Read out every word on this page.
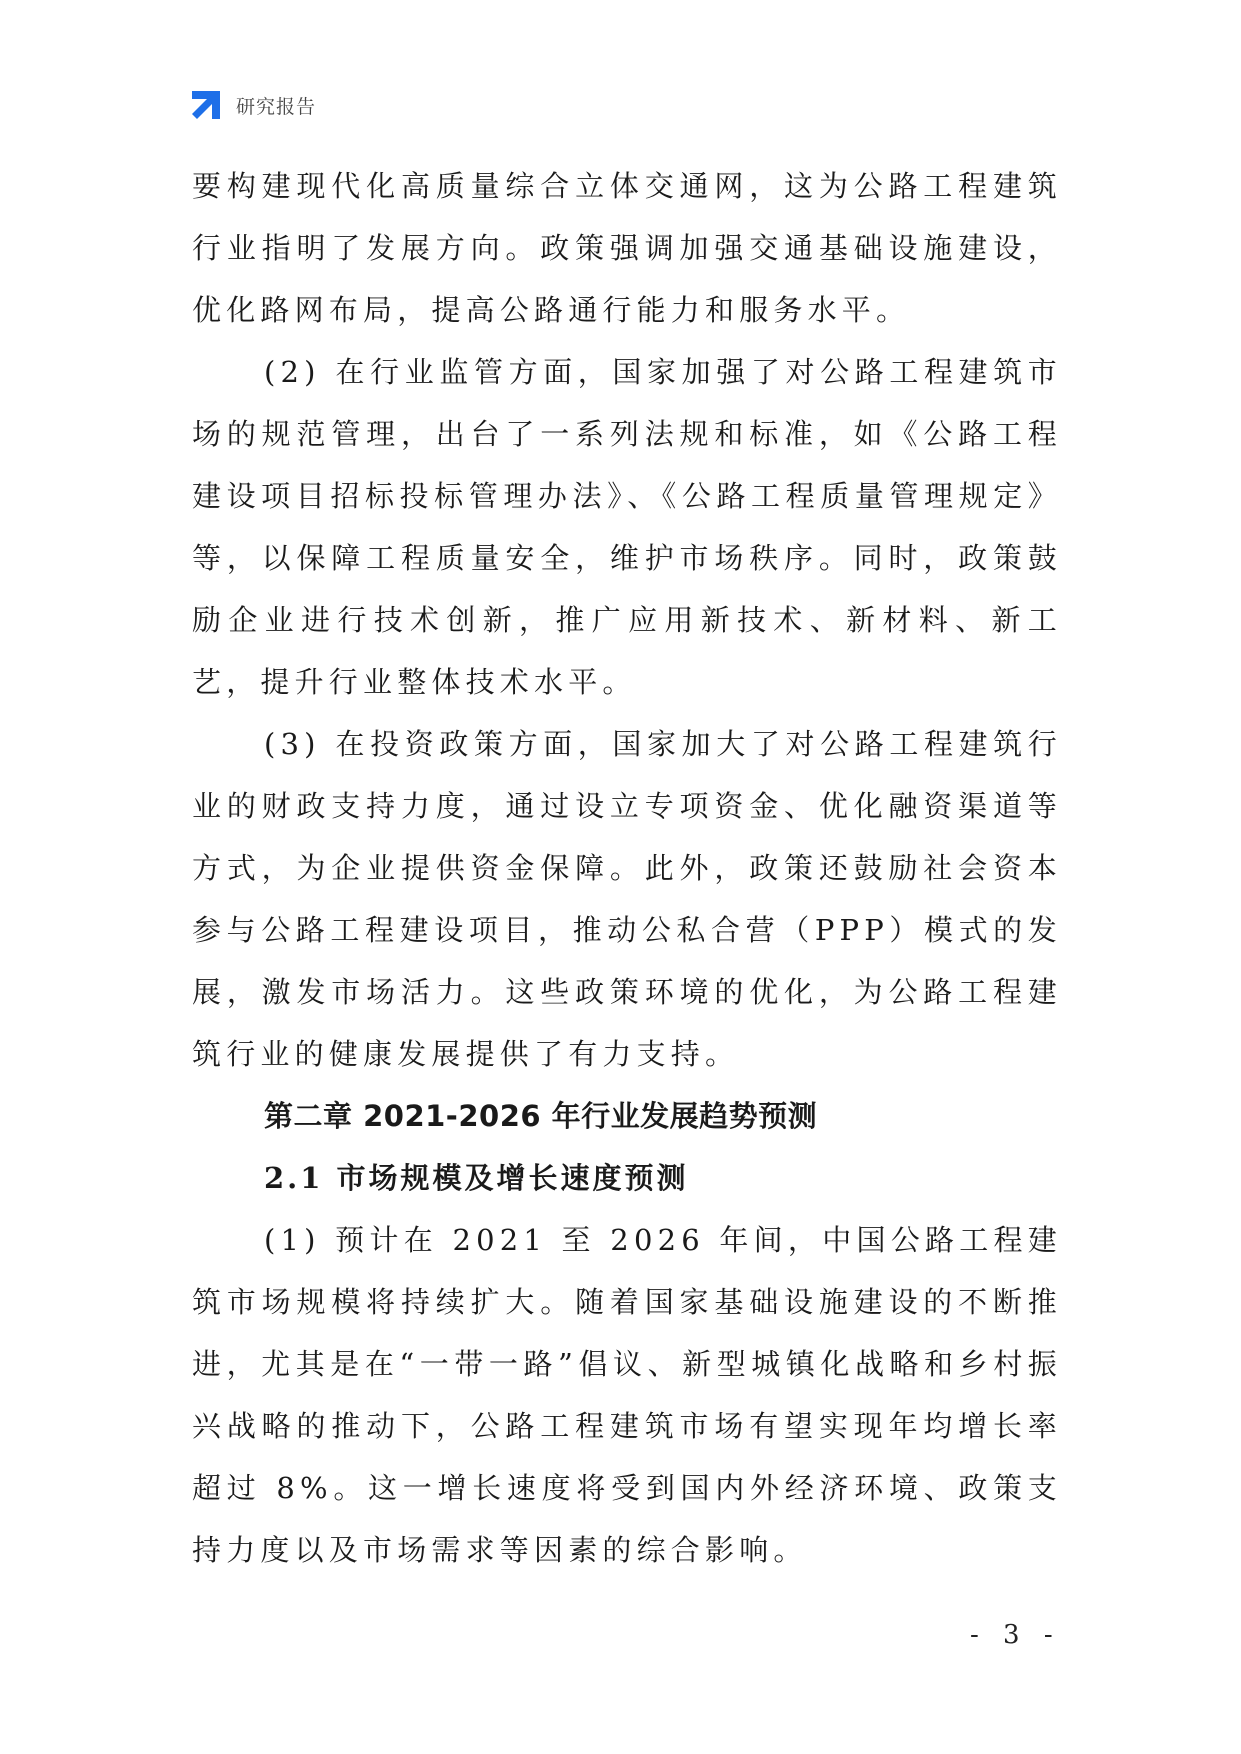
研究报告

要构建现代化高质量综合立体交通网，这为公路工程建筑行业指明了发展方向。政策强调加强交通基础设施建设，优化路网布局，提高公路通行能力和服务水平。

(2) 在行业监管方面，国家加强了对公路工程建筑市场的规范管理，出台了一系列法规和标准，如《公路工程建设项目招标投标管理办法》、《公路工程质量管理规定》等，以保障工程质量安全，维护市场秩序。同时，政策鼓励企业进行技术创新，推广应用新技术、新材料、新工艺，提升行业整体技术水平。

(3) 在投资政策方面，国家加大了对公路工程建筑行业的财政支持力度，通过设立专项资金、优化融资渠道等方式，为企业提供资金保障。此外，政策还鼓励社会资本参与公路工程建设项目，推动公私合营（PPP）模式的发展，激发市场活力。这些政策环境的优化，为公路工程建筑行业的健康发展提供了有力支持。

第二章 2021-2026 年行业发展趋势预测
2.1 市场规模及增长速度预测

(1) 预计在 2021 至 2026 年间，中国公路工程建筑市场规模将持续扩大。随着国家基础设施建设的不断推进，尤其是在“一带一路”倡议、新型城镇化战略和乡村振兴战略的推动下，公路工程建筑市场有望实现年均增长率超过 8%。这一增长速度将受到国内外经济环境、政策支持力度以及市场需求等因素的综合影响。

- 3 -
